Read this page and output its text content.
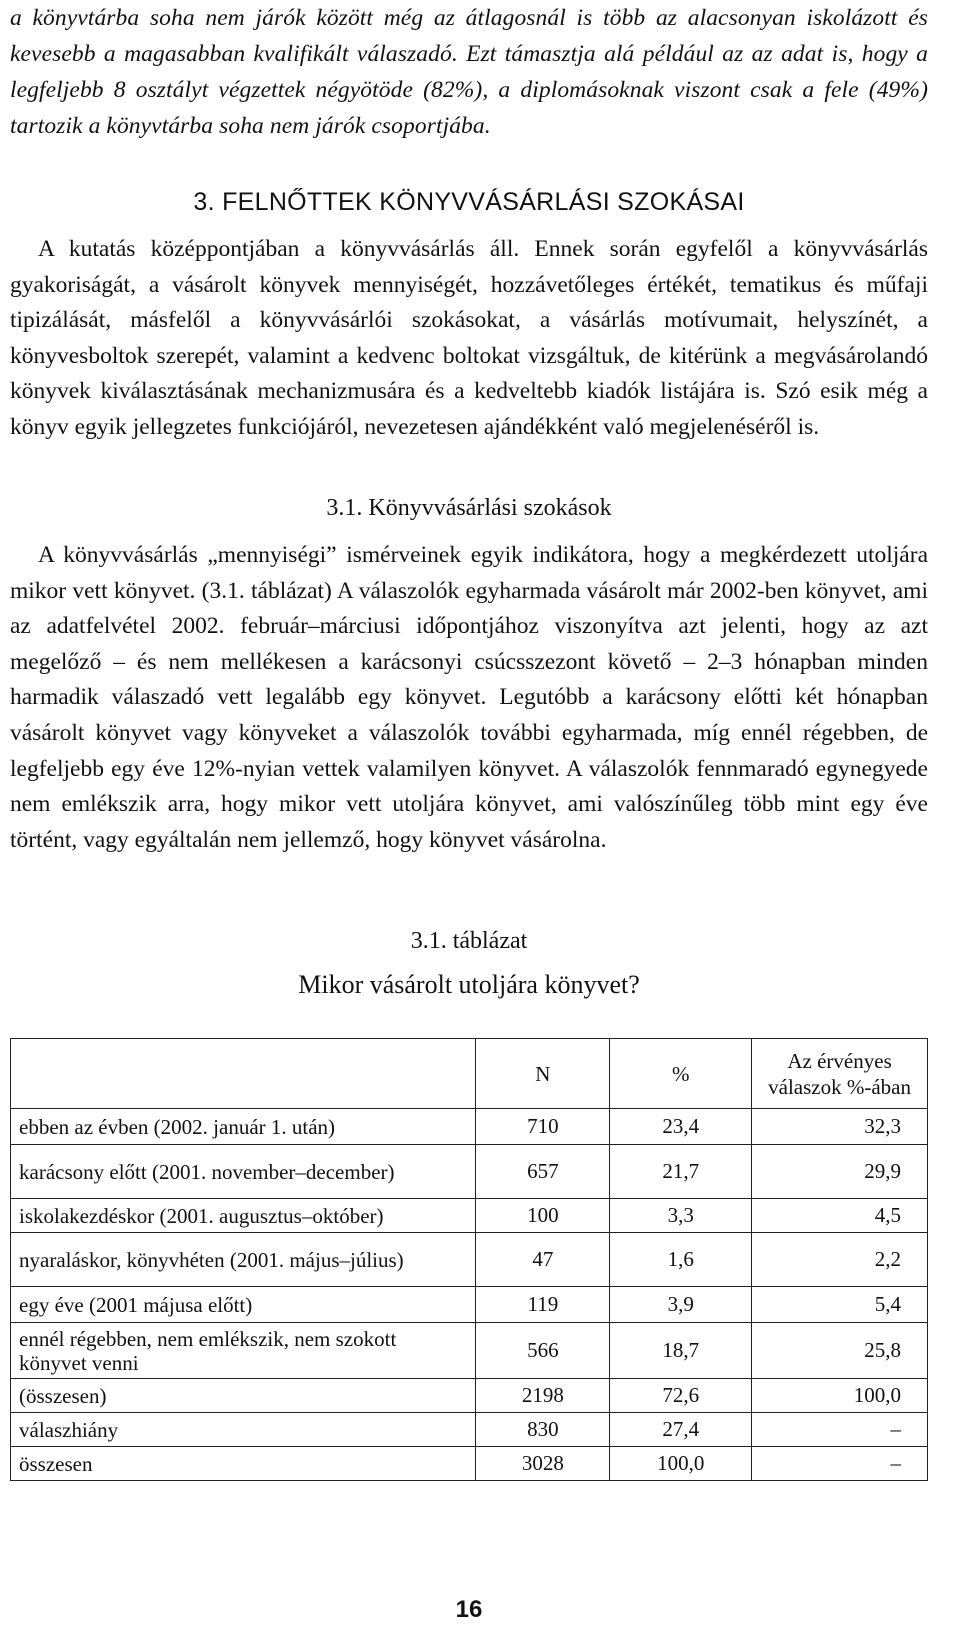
a könyvtárba soha nem járók között még az átlagosnál is több az alacsonyan iskolázott és kevesebb a magasabban kvalifikált válaszadó. Ezt támasztja alá például az az adat is, hogy a legfeljebb 8 osztályt végzettek négyötöde (82%), a diplomásoknak viszont csak a fele (49%) tartozik a könyvtárba soha nem járók csoportjába.

3. FELNŐTTEK KÖNYVVÁSÁRLÁSI SZOKÁSAI

A kutatás középpontjában a könyvvásárlás áll. Ennek során egyfelől a könyvvásárlás gyakoriságát, a vásárolt könyvek mennyiségét, hozzávetőleges értékét, tematikus és műfaji tipizálását, másfelől a könyvvásárlói szokásokat, a vásárlás motívumait, helyszínét, a könyvesboltok szerepét, valamint a kedvenc boltokat vizsgáltuk, de kitérünk a megvásárolandó könyvek kiválasztásának mechanizmusára és a kedveltebb kiadók listájára is. Szó esik még a könyv egyik jellegzetes funkciójáról, nevezetesen ajándékként való megjelenéséről is.

3.1. Könyvvásárlási szokások

A könyvvásárlás „mennyiségi” ismérveinek egyik indikátora, hogy a megkérdezett utoljára mikor vett könyvet. (3.1. táblázat) A válaszolók egyharmada vásárolt már 2002-ben könyvet, ami az adatfelvétel 2002. február–márciusi időpontjához viszonyítva azt jelenti, hogy az azt megelőző – és nem mellékesen a karácsonyi csúcsszezont követő – 2–3 hónapban minden harmadik válaszadó vett legalább egy könyvet. Legutóbb a karácsony előtti két hónapban vásárolt könyvet vagy könyveket a válaszolók további egyharmada, míg ennél régebben, de legfeljebb egy éve 12%-nyian vettek valamilyen könyvet. A válaszolók fennmaradó egynegyede nem emlékszik arra, hogy mikor vett utoljára könyvet, ami valószínűleg több mint egy éve történt, vagy egyáltalán nem jellemző, hogy könyvet vásárolna.

3.1. táblázat

Mikor vásárolt utoljára könyvet?

	N	%	Az érvényes
válaszok %-ában
ebben az évben (2002. január 1. után)	710	23,4	32,3
karácsony előtt (2001. november–december)	657	21,7	29,9
iskolakezdéskor (2001. augusztus–október)	100	3,3	4,5
nyaraláskor, könyvhéten (2001. május–július)	47	1,6	2,2
egy éve (2001 májusa előtt)	119	3,9	5,4
ennél régebben, nem emlékszik, nem szokott könyvet venni	566	18,7	25,8
(összesen)	2198	72,6	100,0
válaszhiány	830	27,4	–
összesen	3028	100,0	–
16
